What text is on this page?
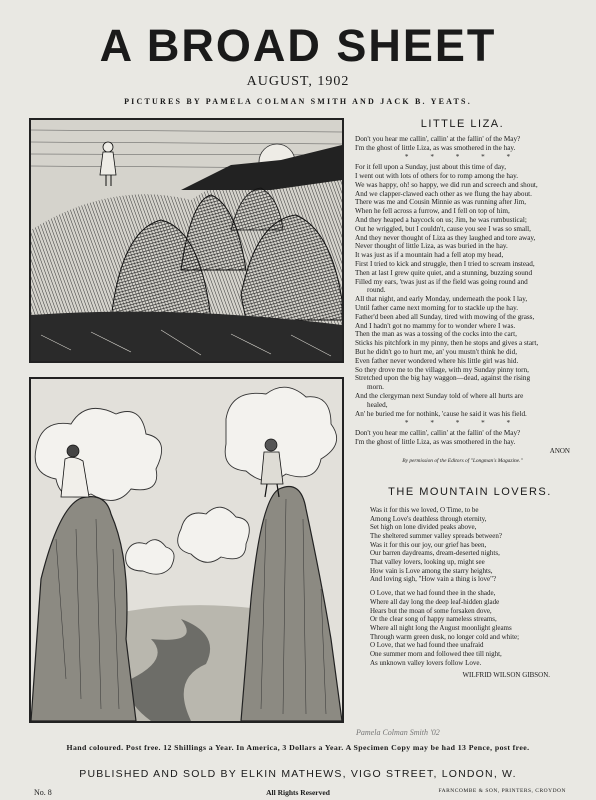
A BROAD SHEET
AUGUST, 1902
PICTURES BY PAMELA COLMAN SMITH AND JACK B. YEATS.
LITTLE LIZA.
Don't you hear me callin', callin' at the fallin' of the May?
I'm the ghost of little Liza, as was smothered in the hay.
* * * * *
For it fell upon a Sunday, just about this time of day,
I went out with lots of others for to romp among the hay.
We was happy, oh! so happy, we did run and screech and shout,
And we clapper-clawed each other as we flung the hay about.
There was me and Cousin Minnie as was running after Jim,
When he fell across a furrow, and I fell on top of him,
And they heaped a haycock on us; Jim, he was rumbustical;
Out he wriggled, but I couldn't, cause you see I was so small,
And they never thought of Liza as they laughed and tore away,
Never thought of little Liza, as was buried in the hay.
It was just as if a mountain had a fell atop my head,
First I tried to kick and struggle, then I tried to scream instead,
Then at last I grew quite quiet, and a stunning, buzzing sound
Filled my ears, 'twas just as if the field was going round and
round.
All that night, and early Monday, underneath the pook I lay,
Until father came next morning for to stackle up the hay.
Father'd been abed all Sunday, tired with mowing of the grass,
And I hadn't got no mammy for to wonder where I was.
Then the man as was a tossing of the cocks into the cart,
Sticks his pitchfork in my pinny, then he stops and gives a start,
But he didn't go to hurt me, an' you mustn't think he did,
Even father never wondered where his little girl was hid.
So they drove me to the village, with my Sunday pinny torn,
Stretched upon the big hay waggon—dead, against the rising
morn.
And the clergyman next Sunday told of where all hurts are
healed,
An' he buried me for nothink, 'cause he said it was his field.
* * * * *
Don't you hear me callin', callin' at the fallin' of the May?
I'm the ghost of little Liza, as was smothered in the hay.
ANON
By permission of the Editors of "Longman's Magazine."
THE MOUNTAIN LOVERS.
Was it for this we loved, O Time, to be
Among Love's deathless through eternity,
Set high on lone divided peaks above,
The sheltered summer valley spreads between?
Was it for this our joy, our grief has been,
Our barren daydreams, dream-deserted nights,
That valley lovers, looking up, might see
How vain is Love among the starry heights,
And loving sigh, "How vain a thing is love"?
O Love, that we had found thee in the shade,
Where all day long the deep leaf-hidden glade
Hears but the moan of some forsaken dove,
Or the clear song of happy nameless streams,
Where all night long the August moonlight gleams
Through warm green dusk, no longer cold and white;
O Love, that we had found thee unafraid
One summer morn and followed thee till night,
As unknown valley lovers follow Love.
WILFRID WILSON GIBSON.
Pamela Colman Smith '02
Hand coloured. Post free. 12 Shillings a Year. In America, 3 Dollars a Year. A Specimen Copy may be had 13 Pence, post free.
PUBLISHED AND SOLD BY ELKIN MATHEWS, VIGO STREET, LONDON, W.
No. 8	All Rights Reserved	FARNCOMBE & SON, PRINTERS, CROYDON
